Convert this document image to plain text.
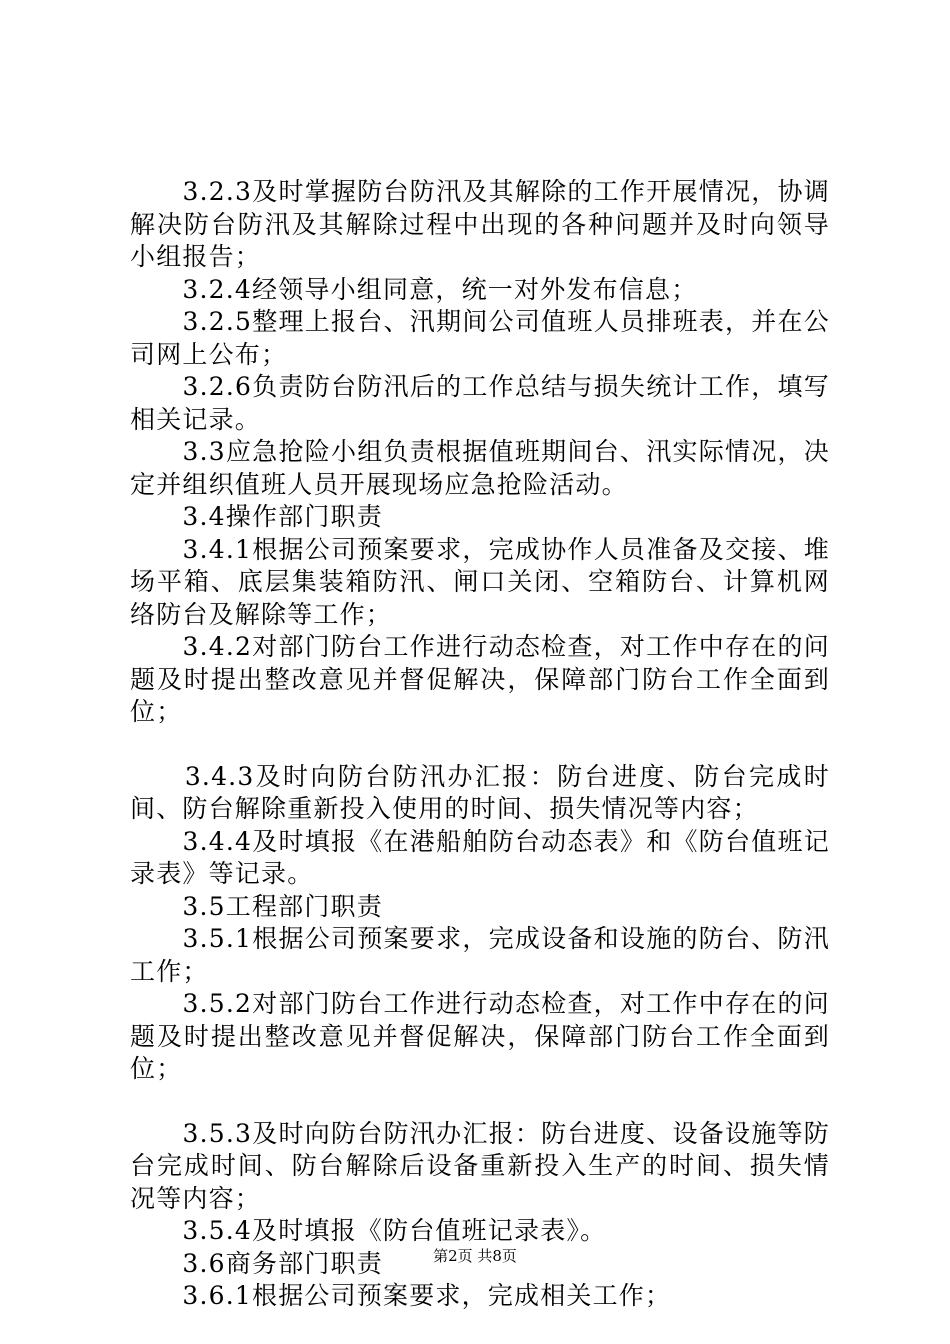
　　3.2.3及时掌握防台防汛及其解除的工作开展情况，协调解决防台防汛及其解除过程中出现的各种问题并及时向领导小组报告；

　　3.2.4经领导小组同意，统一对外发布信息；

　　3.2.5整理上报台、汛期间公司值班人员排班表，并在公司网上公布；

　　3.2.6负责防台防汛后的工作总结与损失统计工作，填写相关记录。

　　3.3应急抢险小组负责根据值班期间台、汛实际情况，决定并组织值班人员开展现场应急抢险活动。

　　3.4操作部门职责

　　3.4.1根据公司预案要求，完成协作人员准备及交接、堆场平箱、底层集装箱防汛、闸口关闭、空箱防台、计算机网络防台及解除等工作；

　　3.4.2对部门防台工作进行动态检查，对工作中存在的问题及时提出整改意见并督促解决，保障部门防台工作全面到位；

　　3.4.3及时向防台防汛办汇报：防台进度、防台完成时间、防台解除重新投入使用的时间、损失情况等内容；

　　3.4.4及时填报《在港船舶防台动态表》和《防台值班记录表》等记录。

　　3.5工程部门职责

　　3.5.1根据公司预案要求，完成设备和设施的防台、防汛工作；

　　3.5.2对部门防台工作进行动态检查，对工作中存在的问题及时提出整改意见并督促解决，保障部门防台工作全面到位；

　　3.5.3及时向防台防汛办汇报：防台进度、设备设施等防台完成时间、防台解除后设备重新投入生产的时间、损失情况等内容；

　　3.5.4及时填报《防台值班记录表》。

　　3.6商务部门职责

　　3.6.1根据公司预案要求，完成相关工作；

第2页 共8页
